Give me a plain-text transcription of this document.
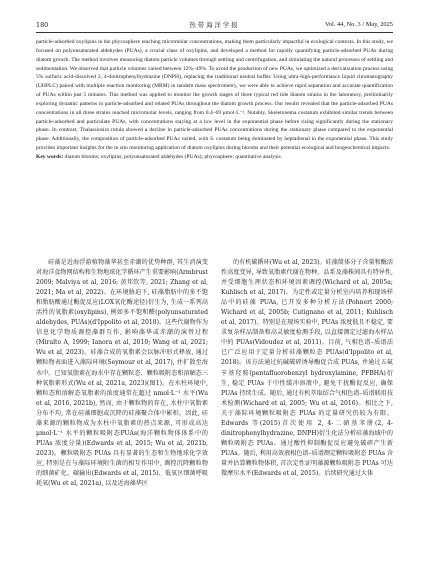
180	热带海洋学报	Vol. 44, No. 3 / May, 2025

particle-adsorbed oxylipins in the phycosphere reaching micromolar concentrations, making them particularly impactful in ecological contexts. In this study, we focused on polyunsaturated aldehydes (PUAs), a crucial class of oxylipins, and developed a method for rapidly quantifying particle-adsorbed PUAs during diatom growth. The method involves measuring diatom particle volumes through settling and centrifugation, and simulating the natural processes of settling and sedimentation. We observed that particle volumes varied between 12%–49%. To avoid the production of new PUAs, we optimized a derivatization process using 5% sulfuric acid-dissolved 2, 4-dinitrophenylhydrazine (DNPH), replacing the traditional neutral buffer. Using ultra-high-performance liquid chromatography (UHPLC) paired with multiple reaction monitoring (MRM) in tandem mass spectrometry, we were able to achieve rapid separation and accurate quantification of PUAs within just 5 minutes. This method was applied to monitor the growth stages of three typical red tide diatom strains in the laboratory, preliminarily exploring dynamic patterns in particle-adsorbed and related PUAs throughout the diatom growth process. Our results revealed that the particle-adsorbed PUAs concentrations in all three strains reached micromolar levels, ranging from 0.4–69 μmol·L⁻¹. Notably, Skeletonema costatum exhibited similar trends between particle-adsorbed and particulate PUAs, with concentrations staying at a low level in the exponential phase before rising significantly during the stationary phase. In contrast, Thalassiosira rotula showed a decline in particle-adsorbed PUAs concentrations during the stationary phase compared to the exponential phase. Additionally, the composition of particle-adsorbed PUAs varied, with S. costatum being dominated by heptadienal in the exponential phase. This study provides important insights for the in situ monitoring application of diatom oxylipins during blooms and their potential ecological and biogeochemical impacts.

Key words: diatom blooms; oxylipins, polyunsaturated aldehydes (PUAs); phycosphere; quantitative analysis

硅藻是近海浮游植物藻华甚至赤潮的优势种群, 其生消演变对海洋食物网结构和生物地球化学循环产生重要影响(Armbrust 2009; Malviya et al, 2016; 黄邦钦等, 2021; Zhang et al, 2021; Ma et al, 2022)。在环境胁迫下, 硅藻脂肪中的多不饱和脂肪酸通过酶促反应(LOX氧化酶途径)衍生为, 生成一系列高活性的氧脂素(oxylipins), 例如多不饱和醛(polyunsaturated aldehydes, PUAs)(d'Ippolito et al, 2018)。这些代谢物作为信息化学物质调控藻群互作, 影响藻华或赤潮的演替过程(Miralto A, 1999; Ianora et al, 2010; Wang et al, 2021; Wu et al, 2023)。硅藻合成的氧脂素会以脉冲形式释放, 通过颗粒物表面进入藻际环境(Seymour et al, 2017), 并扩散至海水中。已知氧脂素在海水中存在颗粒态、颗粒吸附态和溶解态三种氧脂素形式(Wu et al, 2021a, 2023)(图1)。在水柱环境中, 颗粒态和溶解态氧脂素的浓度通常在超过 nmol·L⁻¹ 水平(Wu et al, 2016, 2021b), 然而, 由于颗粒物的存在, 水柱中氧脂素分布不均, 常在硅藻细胞或沉降的硅藻聚合体中累积。因此, 硅藻来源的颗粒物成为水柱中氧脂素的热点来源, 可形成高达 μmol·L⁻¹ 水平的颗粒吸附态PUAs(海洋颗粒物体体系中的 PUAs 浓度分量)(Edwards et al, 2015; Wu et al, 2021b, 2023)。颗粒吸附态 PUAs 具有显著的生态和生物地球化学效应, 特别是在与藻际环境附生菌的相互作用中, 调控沉降颗粒物的细菌矿化、碳输出(Edwards et al, 2015)、低氧区细菌呼吸耗氧(Wu et al, 2021a), 以及近海藻华区

的有机碳循环(Wu et al, 2023)。硅藻简体分子含量和酶活性高度变异, 导致氧脂素代谢在物种、品系及藻株间具有特异性, 并受细胞生理状态和环境因素调控(Wichard et al, 2005a; Kuhlisch et al, 2017)。为定性或定量分析室内培养和现场样品中的硅藻 PUAs, 已开发多种分析方法(Pohnert 2000; Wichard et al, 2005b; Cutignano et al, 2011; Kuhlisch et al, 2017)。特别是在现场实验中, PUAs 浓度低且不稳定, 要求复杂样品制备和高灵敏度检测手段, 以直接测定过滤海水样品中的 PUAs(Vidoudez et al, 2011)。目前, 气相色谱–质谱法已广泛应用于定量分析硅藻颗粒态 PUAs(d'Ippolito et al, 2018)。该方法通过抗碱破碎诱导酶促合成 PUAs, 并通过五氟苄基羟胺(pentafluorobenzyl hydroxylamine, PFBHA)衍生, 稳定 PUAs 于中性缓冲溶液中, 避免干扰酶促反应, 确保 PUAs 持续生成。随后, 通过有机萃取结合气相色谱–质谱联用技术检测(Wichard et al, 2005; Wu et al, 2016)。相比之下, 关于藻际环境颗粒吸附态 PUAs 的定量研究仍较为有限。Edwards 等(2015)首次使用 2, 4-二硝基苯肼(2, 4-dinitrophenylhydrazine, DNPH)衍生化法分析硅藻海域中的颗粒吸附态 PUAs。通过酸性抑制酶促反应避免破碎产生新 PUAs。随后, 利用高效液相色谱–质谱测定颗粒吸附态 PUAs 含量并估算颗粒物体积, 首次定性证明藻源颗粒吸附态 PUAs 可达微摩尔水平(Edwards et al, 2015)。后续研究通过大体
